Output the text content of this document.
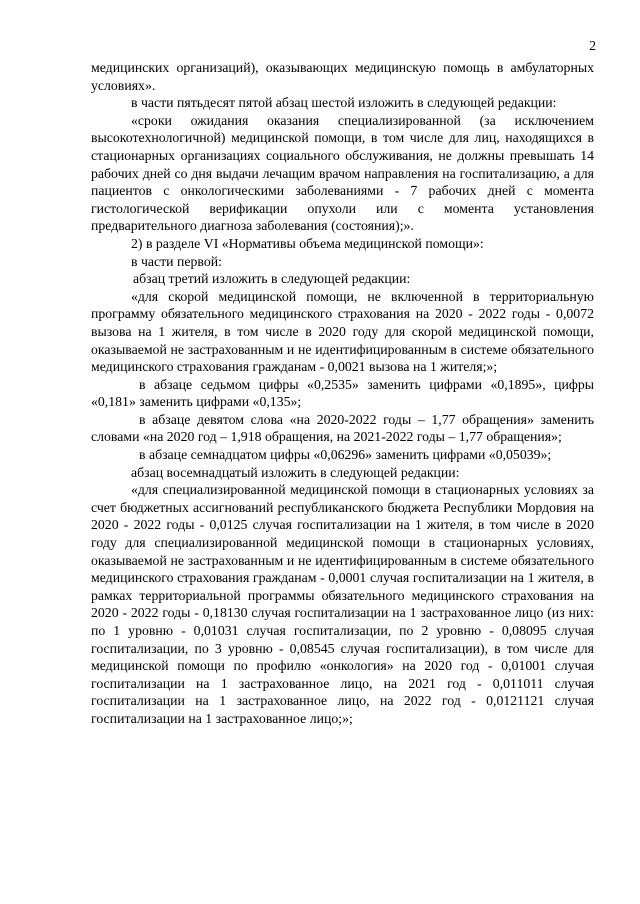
2

медицинских организаций), оказывающих медицинскую помощь в амбулаторных условиях».

в части пятьдесят пятой абзац шестой изложить в следующей редакции:

«сроки ожидания оказания специализированной (за исключением высокотехнологичной) медицинской помощи, в том числе для лиц, находящихся в стационарных организациях социального обслуживания, не должны превышать 14 рабочих дней со дня выдачи лечащим врачом направления на госпитализацию, а для пациентов с онкологическими заболеваниями - 7 рабочих дней с момента гистологической верификации опухоли или с момента установления предварительного диагноза заболевания (состояния);».

2) в разделе VI «Нормативы объема медицинской помощи»:

в части первой:

абзац третий изложить в следующей редакции:

«для скорой медицинской помощи, не включенной в территориальную программу обязательного медицинского страхования на 2020 - 2022 годы - 0,0072 вызова на 1 жителя, в том числе в 2020 году для скорой медицинской помощи, оказываемой не застрахованным и не идентифицированным в системе обязательного медицинского страхования гражданам - 0,0021 вызова на 1 жителя;»;

в абзаце седьмом цифры «0,2535» заменить цифрами «0,1895», цифры «0,181» заменить цифрами «0,135»;

в абзаце девятом слова «на 2020-2022 годы – 1,77 обращения» заменить словами «на 2020 год – 1,918 обращения, на 2021-2022 годы – 1,77 обращения»;

в абзаце семнадцатом цифры «0,06296» заменить цифрами «0,05039»;

абзац восемнадцатый изложить в следующей редакции:

«для специализированной медицинской помощи в стационарных условиях за счет бюджетных ассигнований республиканского бюджета Республики Мордовия на 2020 - 2022 годы - 0,0125 случая госпитализации на 1 жителя, в том числе в 2020 году для специализированной медицинской помощи в стационарных условиях, оказываемой не застрахованным и не идентифицированным в системе обязательного медицинского страхования гражданам - 0,0001 случая госпитализации на 1 жителя, в рамках территориальной программы обязательного медицинского страхования на 2020 - 2022 годы - 0,18130 случая госпитализации на 1 застрахованное лицо (из них: по 1 уровню - 0,01031 случая госпитализации, по 2 уровню - 0,08095 случая госпитализации, по 3 уровню - 0,08545 случая госпитализации), в том числе для медицинской помощи по профилю «онкология» на 2020 год - 0,01001 случая госпитализации на 1 застрахованное лицо, на 2021 год - 0,011011 случая госпитализации на 1 застрахованное лицо, на 2022 год - 0,0121121 случая госпитализации на 1 застрахованное лицо;»;
